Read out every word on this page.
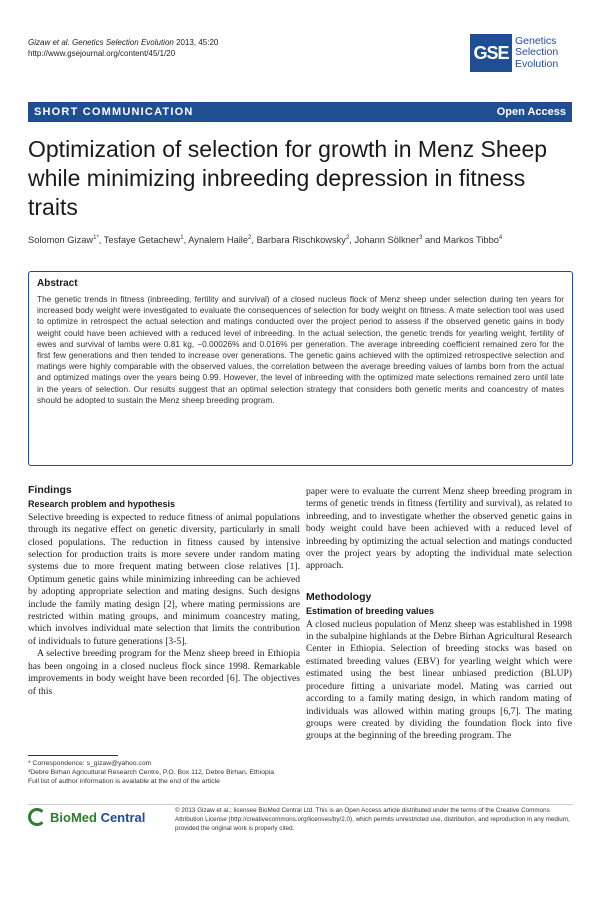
Gizaw et al. Genetics Selection Evolution 2013, 45:20
http://www.gsejournal.org/content/45/1/20	GSE
Genetics
Selection
Evolution
SHORT COMMUNICATION	Open Access
Optimization of selection for growth in Menz Sheep while minimizing inbreeding depression in fitness traits
Solomon Gizaw$^{1*}$, Tesfaye Getachew$^1$, Aynalem Haile$^2$, Barbara Rischkowsky$^2$, Johann Sölkner$^3$ and Markos Tibbo$^4$
Abstract

The genetic trends in fitness (inbreeding, fertility and survival) of a closed nucleus flock of Menz sheep under selection during ten years for increased body weight were investigated to evaluate the consequences of selection for body weight on fitness. A mate selection tool was used to optimize in retrospect the actual selection and matings conducted over the project period to assess if the observed genetic gains in body weight could have been achieved with a reduced level of inbreeding. In the actual selection, the genetic trends for yearling weight, fertility of ewes and survival of lambs were 0.81 kg, −0.00026% and 0.016% per generation. The average inbreeding coefficient remained zero for the first few generations and then tended to increase over generations. The genetic gains achieved with the optimized retrospective selection and matings were highly comparable with the observed values, the correlation between the average breeding values of lambs born from the actual and optimized matings over the years being 0.99. However, the level of inbreeding with the optimized mate selections remained zero until late in the years of selection. Our results suggest that an optimal selection strategy that considers both genetic merits and coancestry of mates should be adopted to sustain the Menz sheep breeding program.

Findings
Research problem and hypothesis

Selective breeding is expected to reduce fitness of animal populations through its negative effect on genetic diversity, particularly in small closed populations. The reduction in fitness caused by intensive selection for production traits is more severe under random mating systems due to more frequent mating between close relatives [1]. Optimum genetic gains while minimizing inbreeding can be achieved by adopting appropriate selection and mating designs. Such designs include the family mating design [2], where mating permissions are restricted within mating groups, and minimum coancestry mating, which involves individual mate selection that limits the contribution of individuals to future generations [3-5].

A selective breeding program for the Menz sheep breed in Ethiopia has been ongoing in a closed nucleus flock since 1998. Remarkable improvements in body weight have been recorded [6]. The objectives of this

paper were to evaluate the current Menz sheep breeding program in terms of genetic trends in fitness (fertility and survival), as related to inbreeding, and to investigate whether the observed genetic gains in body weight could have been achieved with a reduced level of inbreeding by optimizing the actual selection and matings conducted over the project years by adopting the individual mate selection approach.

Methodology
Estimation of breeding values

A closed nucleus population of Menz sheep was established in 1998 in the subalpine highlands at the Debre Birhan Agricultural Research Center in Ethiopia. Selection of breeding stocks was based on estimated breeding values (EBV) for yearling weight which were estimated using the best linear unbiased prediction (BLUP) procedure fitting a univariate model. Mating was carried out according to a family mating design, in which random mating of individuals was allowed within mating groups [6,7]. The mating groups were created by dividing the foundation flock into five groups at the beginning of the breeding program. The

* Correspondence: s_gizaw@yahoo.com
¹Debre Birhan Agricultural Research Centre, P.O. Box 112, Debre Birhan, Ethiopia
Full list of author information is available at the end of the article
BioMed Central	© 2013 Gizaw et al.; licensee BioMed Central Ltd. This is an Open Access article distributed under the terms of the Creative Commons Attribution License (http://creativecommons.org/licenses/by/2.0), which permits unrestricted use, distribution, and reproduction in any medium, provided the original work is properly cited.
